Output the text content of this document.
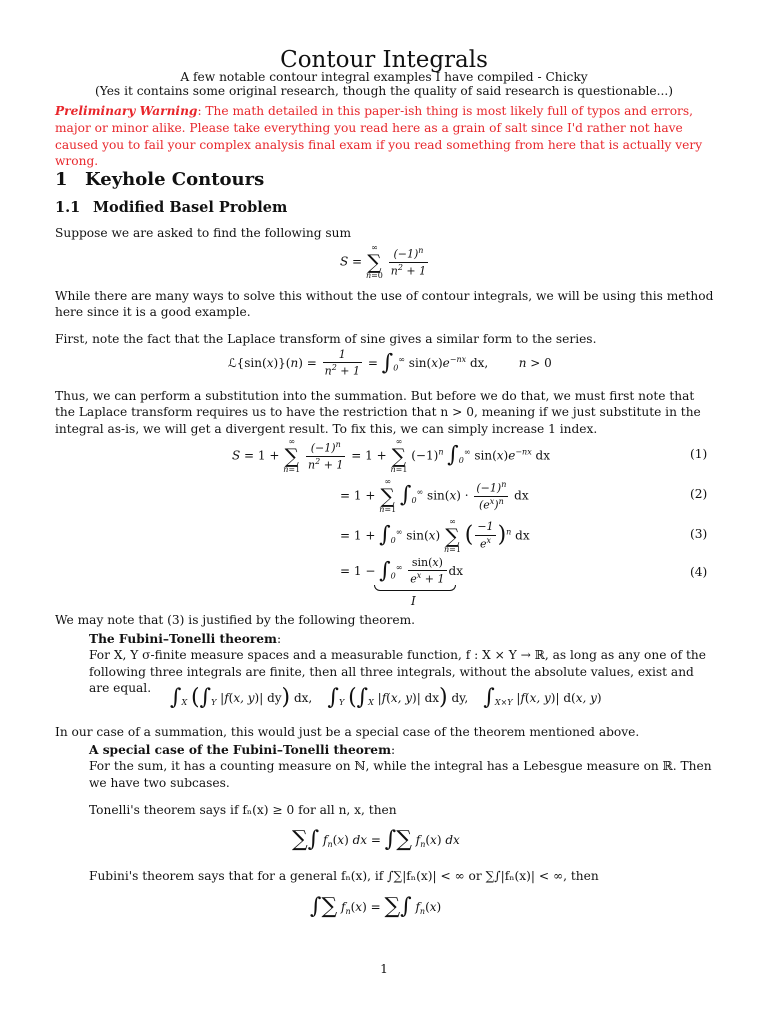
Contour Integrals
A few notable contour integral examples I have compiled - Chicky
(Yes it contains some original research, though the quality of said research is questionable...)
Preliminary Warning: The math detailed in this paper-ish thing is most likely full of typos and errors, major or minor alike. Please take everything you read here as a grain of salt since I'd rather not have caused you to fail your complex analysis final exam if you read something from here that is actually very wrong.
1 Keyhole Contours
1.1 Modified Basel Problem
Suppose we are asked to find the following sum
S = ∞
∑
$n=0 \frac{(-1)^n}{n^2 + 1}$
While there are many ways to solve this without the use of contour integrals, we will be using this method here since it is a good example.
First, note the fact that the Laplace transform of sine gives a similar form to the series.
ℒ{sin(x)}(n) = $\frac{1}{n^2 + 1} = \int_0^\infty$ $\sin(x)e^{-nx}$ dx,        n > 0
Thus, we can perform a substitution into the summation. But before we do that, we must first note that the Laplace transform requires us to have the restriction that n > 0, meaning if we just substitute in the integral as-is, we will get a divergent result. To fix this, we can simply increase 1 index.
S = 1 + ∞
∑
$n=1 \frac{(-1)^n}{n^2 + 1} = 1$ + ∞
∑
n=1 $(-1)^n$ $\int_0^\infty$ $\sin(x)e^{-nx}$ dx	(1)
= 1 + ∞
∑
n=1 $\int_0^\infty$ $\sin(x) \cdot \frac{(-1)^n}{(e^x)^n}$ dx	(2)
= $1 + \int_0^\infty$ sin(x) ∞
∑
n=1 ( $\frac{-1}{e^x} )^n$ dx	(3)
= $1 - \int_0^\infty \frac{\sin(x)}{e^x + 1}$ dx
I
(4)
We may note that (3) is justified by the following theorem.
The Fubini–Tonelli theorem:
For X, Y σ-finite measure spaces and a measurable function, f : X × Y → ℝ, as long as any one of the following three integrals are finite, then all three integrals, without the absolute values, exist and are equal. $\int_X$ ($\int_Y$ |f(x, y)| dy) dx, $\int_Y$ ($\int_X$ |f(x, y)| dx) dy, $\int_{X\times Y}$ |f(x, y)| d(x, y)
In our case of a summation, this would just be a special case of the theorem mentioned above.
A special case of the Fubini–Tonelli theorem:
For the sum, it has a counting measure on ℕ, while the integral has a Lebesgue measure on ℝ. Then we have two subcases.
Tonelli's theorem says if fₙ(x) ≥ 0 for all n, x, then
∑∫ $f_n(x)$ dx = ∫∑ $f_n(x)$ dx
Fubini's theorem says that for a general fₙ(x), if ∫∑|fₙ(x)| < ∞ or ∑∫|fₙ(x)| < ∞, then
∫∑ $f_n(x)$ = ∑∫ $f_n(x)$
1
